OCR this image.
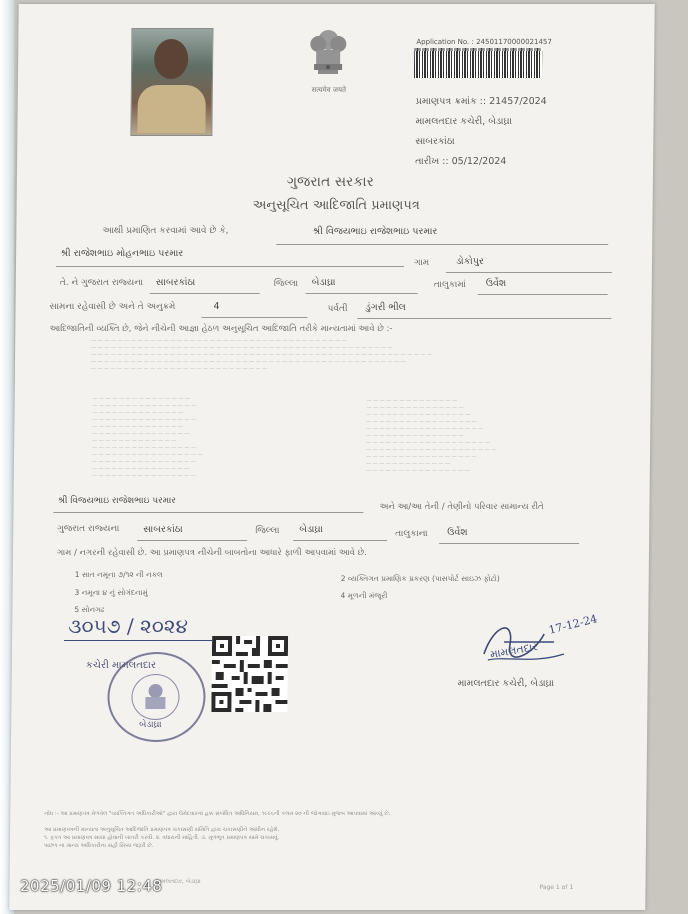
सत्यमेव जयते
Application No. : 24501170000021457
પ્રમાણપત્ર ક્રમાંક :: 21457/2024
મામલતદાર કચેરી, બેડાઘ્રા
સાબરકાંઠા
તારીખ :: 05/12/2024
ગુજરાત સરકાર
અનુસૂચિત આદિજાતિ પ્રમાણપત્ર
આથી પ્રમાણિત કરવામાં આવે છે કે,	શ્રી વિજયભાઇ રાજેશભાઇ પરમાર
શ્રી રાજેશભાઇ મોહનભાઇ પરમાર
ગામ	ડોકોપુર
તે. ને ગુજરાત રાજ્યના સાબરકાંઠા	જિલ્લા બેડાઘ્રા	તાલુકામાં ઉર્વેશ
સામના રહેવાસી છે અને તે અનુક્રમે	4	પર્વતી ડુંગરી ભીલ
આદિજાતિની વ્યક્તિ છે, જેને નીચેની આજ્ઞા હેઠળ અનુસૂચિત આદિજાતિ તરીકે માન્યતામાં આવે છે :-
— — — — — — — — — — — — — — — — — — — — — — — — — — — — — — — — — — — — — — —
— — — — — — — — — — — — — — — — — — — — — — — — — — — — — — — — — — — — — — — — — — — — — —
— — — — — — — — — — — — — — — — — — — — — — — — — — — — — — — — — — — — — — — — — — — — — — — — — — — —
— — — — — — — — — — — — — — — — — — — — — — — — — — — — — — — — — — — — — — — — — — — — — — — —
— — — — — — — — — — — — — — — — — — — — — — — — — — —
— — — — — — — — — — — — — — —
— — — — — — — — — — — — — — — —
— — — — — — — — — — — — — —
— — — — — — — — — — — — — — — —
— — — — — — — — — — — — — —
— — — — — — — — — — — — — — —
— — — — — — — — — — — — —
— — — — — — — — — — — — — — — —
— — — — — — — — — — — — — — — — —
— — — — — — — — — — — — — — — —
— — — — — — — — — — — — — — —
— — — — — — — — — — — — — — — —
— — — — — — — — — — — — — —
— — — — — — — — — — — — — — —
— — — — — — — — — — — — — — — —
— — — — — — — — — — — — — — — — —
— — — — — — — — — — — — — — — — — —
— — — — — — — — — — — — — — —
— — — — — — — — — — — — — — — — — — —
— — — — — — — — — — — — — — — — — — — —
— — — — — — — — — — — — — — — — —
— — — — — — — — — — — — —
— — — — — — — — — — — — — — — —
શ્રી વિજયભાઇ રાજેશભાઇ પરમાર
અને આ/આ તેની / તેણીનો પરિવાર સામાન્ય રીતે
ગુજરાત રાજ્યના	સાબરકાંઠા	જિલ્લા બેડાઘ્રા	તાલુકાના ઉર્વેશ
ગામ / નગરની રહેવાસી છે. આ પ્રમાણપત્ર નીચેની બાબતોના આધારે ફાળી આપવામાં આવે છે.
1 સાત નમૂના ૭/૧૨ ની નકલ	2 વ્યક્તિગત પ્રમાણિક પ્રકરણ (પાસપોર્ટ સાઇઝ ફોટો)
3 નમૂના ૪ નું સોગંદનામું	4 મૂળની મંજૂરી
5 સોનગઢ
૩૦૫૭ / ૨૦૨૪
કચેરી મામલતદાર
બેડાઘ્રા
17-12-24
મામલતદાર
મામલતદાર કચેરી, બેડાઘ્રા
નોંધ :- આ પ્રમાણપત્ર મેળવેલ "વ્યક્તિગત અધિકારીઓ" દ્વારા ઉમેદવારનાં હક્ક સંબંધિત અધિનિયમ, ૧૯૯૬ની કલમ ૨૦ ની જોગવાઇ મુજબ આપવામાં આવ્યું છે.
આ પ્રમાણપત્રની માન્યતા અનુસૂચિત આદિજાતિ પ્રમાણપત્ર ચકાસણી સમિતિ દ્વારા ચકાસણીને આધીન રહેશે.
૧. ફક્ત આ પ્રમાણપત્ર સાચા હોવાની ખાતરી કરવી. ૨. વધારાની માહિતી. ૩. મૂળભૂત પ્રમાણપત્ર સામે ચકાસવું.
પાછળ ના માન્ય અધિકારીના સહી સિક્કા જરૂરી છે.
મામલતદાર, બેડાઘ્રા
Page 1 of 1
2025/01/09 12:48
